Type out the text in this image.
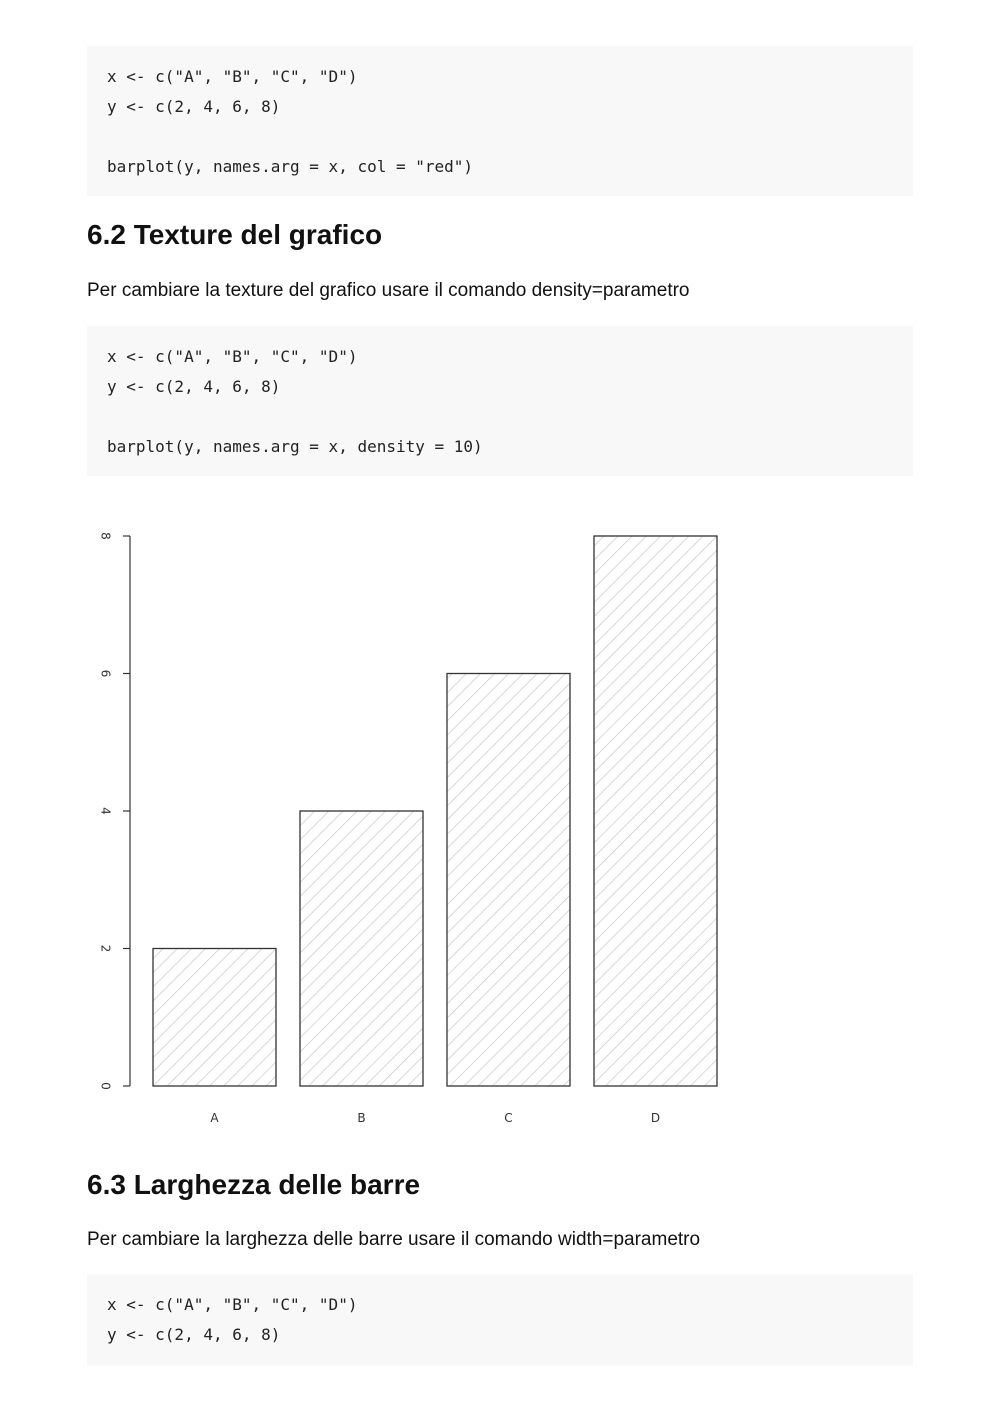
x <- c("A", "B", "C", "D")
y <- c(2, 4, 6, 8)
barplot(y, names.arg = x, col = "red")
6.2 Texture del grafico

Per cambiare la texture del grafico usare il comando density=parametro

x <- c("A", "B", "C", "D")
y <- c(2, 4, 6, 8)
barplot(y, names.arg = x, density = 10)
0
2
4
6
8
A	B	C	D
6.3 Larghezza delle barre

Per cambiare la larghezza delle barre usare il comando width=parametro

x <- c("A", "B", "C", "D")
y <- c(2, 4, 6, 8)
